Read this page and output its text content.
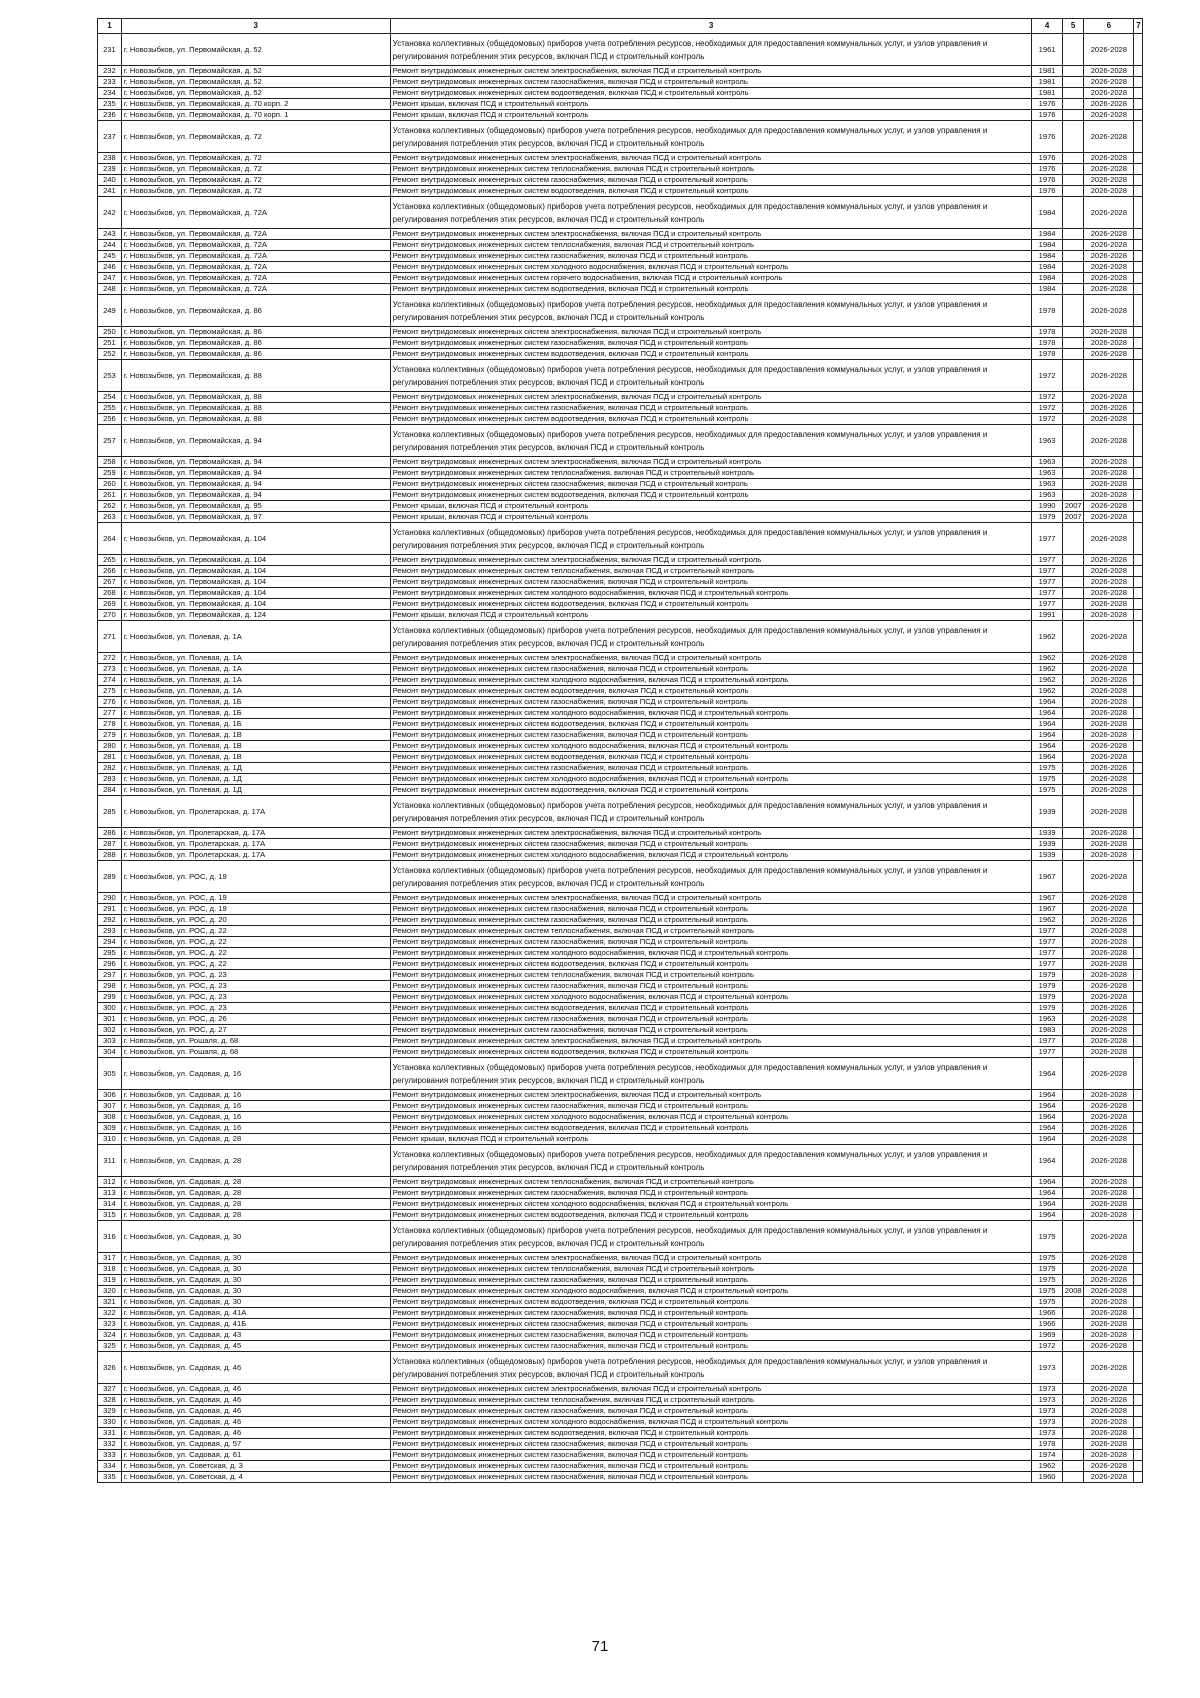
1	3	3	4	5	6	7
231	г. Новозыбков, ул. Первомайская, д. 52	Установка коллективных (общедомовых) приборов учета потребления ресурсов, необходимых для предоставления коммунальных услуг, и узлов управления и регулирования потребления этих ресурсов, включая ПСД и строительный контроль	1961		2026-2028	
232	г. Новозыбков, ул. Первомайская, д. 52	Ремонт внутридомовых инженерных систем электроснабжения, включая ПСД и строительный контроль	1981		2026-2028	
233	г. Новозыбков, ул. Первомайская, д. 52	Ремонт внутридомовых инженерных систем газоснабжения, включая ПСД и строительный контроль	1981		2026-2028	
234	г. Новозыбков, ул. Первомайская, д. 52	Ремонт внутридомовых инженерных систем водоотведения, включая ПСД и строительный контроль	1981		2026-2028	
235	г. Новозыбков, ул. Первомайская, д. 70 корп. 2	Ремонт крыши, включая ПСД и строительный контроль	1976		2026-2028	
236	г. Новозыбков, ул. Первомайская, д. 70 корп. 1	Ремонт крыши, включая ПСД и строительный контроль	1976		2026-2028	
237	г. Новозыбков, ул. Первомайская, д. 72	Установка коллективных (общедомовых) приборов учета потребления ресурсов, необходимых для предоставления коммунальных услуг, и узлов управления и регулирования потребления этих ресурсов, включая ПСД и строительный контроль	1976		2026-2028	
238	г. Новозыбков, ул. Первомайская, д. 72	Ремонт внутридомовых инженерных систем электроснабжения, включая ПСД и строительный контроль	1976		2026-2028	
239	г. Новозыбков, ул. Первомайская, д. 72	Ремонт внутридомовых инженерных систем теплоснабжения, включая ПСД и строительный контроль	1976		2026-2028	
240	г. Новозыбков, ул. Первомайская, д. 72	Ремонт внутридомовых инженерных систем газоснабжения, включая ПСД и строительный контроль	1976		2026-2028	
241	г. Новозыбков, ул. Первомайская, д. 72	Ремонт внутридомовых инженерных систем водоотведения, включая ПСД и строительный контроль	1976		2026-2028	
242	г. Новозыбков, ул. Первомайская, д. 72А	Установка коллективных (общедомовых) приборов учета потребления ресурсов, необходимых для предоставления коммунальных услуг, и узлов управления и регулирования потребления этих ресурсов, включая ПСД и строительный контроль	1984		2026-2028	
243	г. Новозыбков, ул. Первомайская, д. 72А	Ремонт внутридомовых инженерных систем электроснабжения, включая ПСД и строительный контроль	1984		2026-2028	
244	г. Новозыбков, ул. Первомайская, д. 72А	Ремонт внутридомовых инженерных систем теплоснабжения, включая ПСД и строительный контроль	1984		2026-2028	
245	г. Новозыбков, ул. Первомайская, д. 72А	Ремонт внутридомовых инженерных систем газоснабжения, включая ПСД и строительный контроль	1984		2026-2028	
246	г. Новозыбков, ул. Первомайская, д. 72А	Ремонт внутридомовых инженерных систем холодного водоснабжения, включая ПСД и строительный контроль	1984		2026-2028	
247	г. Новозыбков, ул. Первомайская, д. 72А	Ремонт внутридомовых инженерных систем горячего водоснабжения, включая ПСД и строительный контроль	1984		2026-2028	
248	г. Новозыбков, ул. Первомайская, д. 72А	Ремонт внутридомовых инженерных систем водоотведения, включая ПСД и строительный контроль	1984		2026-2028	
249	г. Новозыбков, ул. Первомайская, д. 86	Установка коллективных (общедомовых) приборов учета потребления ресурсов, необходимых для предоставления коммунальных услуг, и узлов управления и регулирования потребления этих ресурсов, включая ПСД и строительный контроль	1978		2026-2028	
250	г. Новозыбков, ул. Первомайская, д. 86	Ремонт внутридомовых инженерных систем электроснабжения, включая ПСД и строительный контроль	1978		2026-2028	
251	г. Новозыбков, ул. Первомайская, д. 86	Ремонт внутридомовых инженерных систем газоснабжения, включая ПСД и строительный контроль	1978		2026-2028	
252	г. Новозыбков, ул. Первомайская, д. 86	Ремонт внутридомовых инженерных систем водоотведения, включая ПСД и строительный контроль	1978		2026-2028	
253	г. Новозыбков, ул. Первомайская, д. 88	Установка коллективных (общедомовых) приборов учета потребления ресурсов, необходимых для предоставления коммунальных услуг, и узлов управления и регулирования потребления этих ресурсов, включая ПСД и строительный контроль	1972		2026-2028	
254	г. Новозыбков, ул. Первомайская, д. 88	Ремонт внутридомовых инженерных систем электроснабжения, включая ПСД и строительный контроль	1972		2026-2028	
255	г. Новозыбков, ул. Первомайская, д. 88	Ремонт внутридомовых инженерных систем газоснабжения, включая ПСД и строительный контроль	1972		2026-2028	
256	г. Новозыбков, ул. Первомайская, д. 88	Ремонт внутридомовых инженерных систем водоотведения, включая ПСД и строительный контроль	1972		2026-2028	
257	г. Новозыбков, ул. Первомайская, д. 94	Установка коллективных (общедомовых) приборов учета потребления ресурсов, необходимых для предоставления коммунальных услуг, и узлов управления и регулирования потребления этих ресурсов, включая ПСД и строительный контроль	1963		2026-2028	
258	г. Новозыбков, ул. Первомайская, д. 94	Ремонт внутридомовых инженерных систем электроснабжения, включая ПСД и строительный контроль	1963		2026-2028	
259	г. Новозыбков, ул. Первомайская, д. 94	Ремонт внутридомовых инженерных систем теплоснабжения, включая ПСД и строительный контроль	1963		2026-2028	
260	г. Новозыбков, ул. Первомайская, д. 94	Ремонт внутридомовых инженерных систем газоснабжения, включая ПСД и строительный контроль	1963		2026-2028	
261	г. Новозыбков, ул. Первомайская, д. 94	Ремонт внутридомовых инженерных систем водоотведения, включая ПСД и строительный контроль	1963		2026-2028	
262	г. Новозыбков, ул. Первомайская, д. 95	Ремонт крыши, включая ПСД и строительный контроль	1990	2007	2026-2028	
263	г. Новозыбков, ул. Первомайская, д. 97	Ремонт крыши, включая ПСД и строительный контроль	1979	2007	2026-2028	
264	г. Новозыбков, ул. Первомайская, д. 104	Установка коллективных (общедомовых) приборов учета потребления ресурсов, необходимых для предоставления коммунальных услуг, и узлов управления и регулирования потребления этих ресурсов, включая ПСД и строительный контроль	1977		2026-2028	
265	г. Новозыбков, ул. Первомайская, д. 104	Ремонт внутридомовых инженерных систем электроснабжения, включая ПСД и строительный контроль	1977		2026-2028	
266	г. Новозыбков, ул. Первомайская, д. 104	Ремонт внутридомовых инженерных систем теплоснабжения, включая ПСД и строительный контроль	1977		2026-2028	
267	г. Новозыбков, ул. Первомайская, д. 104	Ремонт внутридомовых инженерных систем газоснабжения, включая ПСД и строительный контроль	1977		2026-2028	
268	г. Новозыбков, ул. Первомайская, д. 104	Ремонт внутридомовых инженерных систем холодного водоснабжения, включая ПСД и строительный контроль	1977		2026-2028	
269	г. Новозыбков, ул. Первомайская, д. 104	Ремонт внутридомовых инженерных систем водоотведения, включая ПСД и строительный контроль	1977		2026-2028	
270	г. Новозыбков, ул. Первомайская, д. 124	Ремонт крыши, включая ПСД и строительный контроль	1991		2026-2028	
271	г. Новозыбков, ул. Полевая, д. 1А	Установка коллективных (общедомовых) приборов учета потребления ресурсов, необходимых для предоставления коммунальных услуг, и узлов управления и регулирования потребления этих ресурсов, включая ПСД и строительный контроль	1962		2026-2028	
272	г. Новозыбков, ул. Полевая, д. 1А	Ремонт внутридомовых инженерных систем электроснабжения, включая ПСД и строительный контроль	1962		2026-2028	
273	г. Новозыбков, ул. Полевая, д. 1А	Ремонт внутридомовых инженерных систем газоснабжения, включая ПСД и строительный контроль	1962		2026-2028	
274	г. Новозыбков, ул. Полевая, д. 1А	Ремонт внутридомовых инженерных систем холодного водоснабжения, включая ПСД и строительный контроль	1962		2026-2028	
275	г. Новозыбков, ул. Полевая, д. 1А	Ремонт внутридомовых инженерных систем водоотведения, включая ПСД и строительный контроль	1962		2026-2028	
276	г. Новозыбков, ул. Полевая, д. 1Б	Ремонт внутридомовых инженерных систем газоснабжения, включая ПСД и строительный контроль	1964		2026-2028	
277	г. Новозыбков, ул. Полевая, д. 1Б	Ремонт внутридомовых инженерных систем холодного водоснабжения, включая ПСД и строительный контроль	1964		2026-2028	
278	г. Новозыбков, ул. Полевая, д. 1Б	Ремонт внутридомовых инженерных систем водоотведения, включая ПСД и строительный контроль	1964		2026-2028	
279	г. Новозыбков, ул. Полевая, д. 1В	Ремонт внутридомовых инженерных систем газоснабжения, включая ПСД и строительный контроль	1964		2026-2028	
280	г. Новозыбков, ул. Полевая, д. 1В	Ремонт внутридомовых инженерных систем холодного водоснабжения, включая ПСД и строительный контроль	1964		2026-2028	
281	г. Новозыбков, ул. Полевая, д. 1В	Ремонт внутридомовых инженерных систем водоотведения, включая ПСД и строительный контроль	1964		2026-2028	
282	г. Новозыбков, ул. Полевая, д. 1Д	Ремонт внутридомовых инженерных систем газоснабжения, включая ПСД и строительный контроль	1975		2026-2028	
283	г. Новозыбков, ул. Полевая, д. 1Д	Ремонт внутридомовых инженерных систем холодного водоснабжения, включая ПСД и строительный контроль	1975		2026-2028	
284	г. Новозыбков, ул. Полевая, д. 1Д	Ремонт внутридомовых инженерных систем водоотведения, включая ПСД и строительный контроль	1975		2026-2028	
285	г. Новозыбков, ул. Пролетарская, д. 17А	Установка коллективных (общедомовых) приборов учета потребления ресурсов, необходимых для предоставления коммунальных услуг, и узлов управления и регулирования потребления этих ресурсов, включая ПСД и строительный контроль	1939		2026-2028	
286	г. Новозыбков, ул. Пролетарская, д. 17А	Ремонт внутридомовых инженерных систем электроснабжения, включая ПСД и строительный контроль	1939		2026-2028	
287	г. Новозыбков, ул. Пролетарская, д. 17А	Ремонт внутридомовых инженерных систем газоснабжения, включая ПСД и строительный контроль	1939		2026-2028	
288	г. Новозыбков, ул. Пролетарская, д. 17А	Ремонт внутридомовых инженерных систем холодного водоснабжения, включая ПСД и строительный контроль	1939		2026-2028	
289	г. Новозыбков, ул. РОС, д. 19	Установка коллективных (общедомовых) приборов учета потребления ресурсов, необходимых для предоставления коммунальных услуг, и узлов управления и регулирования потребления этих ресурсов, включая ПСД и строительный контроль	1967		2026-2028	
290	г. Новозыбков, ул. РОС, д. 19	Ремонт внутридомовых инженерных систем электроснабжения, включая ПСД и строительный контроль	1967		2026-2028	
291	г. Новозыбков, ул. РОС, д. 19	Ремонт внутридомовых инженерных систем газоснабжения, включая ПСД и строительный контроль	1967		2026-2028	
292	г. Новозыбков, ул. РОС, д. 20	Ремонт внутридомовых инженерных систем газоснабжения, включая ПСД и строительный контроль	1962		2026-2028	
293	г. Новозыбков, ул. РОС, д. 22	Ремонт внутридомовых инженерных систем теплоснабжения, включая ПСД и строительный контроль	1977		2026-2028	
294	г. Новозыбков, ул. РОС, д. 22	Ремонт внутридомовых инженерных систем газоснабжения, включая ПСД и строительный контроль	1977		2026-2028	
295	г. Новозыбков, ул. РОС, д. 22	Ремонт внутридомовых инженерных систем холодного водоснабжения, включая ПСД и строительный контроль	1977		2026-2028	
296	г. Новозыбков, ул. РОС, д. 22	Ремонт внутридомовых инженерных систем водоотведения, включая ПСД и строительный контроль	1977		2026-2028	
297	г. Новозыбков, ул. РОС, д. 23	Ремонт внутридомовых инженерных систем теплоснабжения, включая ПСД и строительный контроль	1979		2026-2028	
298	г. Новозыбков, ул. РОС, д. 23	Ремонт внутридомовых инженерных систем газоснабжения, включая ПСД и строительный контроль	1979		2026-2028	
299	г. Новозыбков, ул. РОС, д. 23	Ремонт внутридомовых инженерных систем холодного водоснабжения, включая ПСД и строительный контроль	1979		2026-2028	
300	г. Новозыбков, ул. РОС, д. 23	Ремонт внутридомовых инженерных систем водоотведения, включая ПСД и строительный контроль	1979		2026-2028	
301	г. Новозыбков, ул. РОС, д. 26	Ремонт внутридомовых инженерных систем газоснабжения, включая ПСД и строительный контроль	1963		2026-2028	
302	г. Новозыбков, ул. РОС, д. 27	Ремонт внутридомовых инженерных систем газоснабжения, включая ПСД и строительный контроль	1983		2026-2028	
303	г. Новозыбков, ул. Рошаля, д. 68	Ремонт внутридомовых инженерных систем электроснабжения, включая ПСД и строительный контроль	1977		2026-2028	
304	г. Новозыбков, ул. Рошаля, д. 68	Ремонт внутридомовых инженерных систем водоотведения, включая ПСД и строительный контроль	1977		2026-2028	
305	г. Новозыбков, ул. Садовая, д. 16	Установка коллективных (общедомовых) приборов учета потребления ресурсов, необходимых для предоставления коммунальных услуг, и узлов управления и регулирования потребления этих ресурсов, включая ПСД и строительный контроль	1964		2026-2028	
306	г. Новозыбков, ул. Садовая, д. 16	Ремонт внутридомовых инженерных систем электроснабжения, включая ПСД и строительный контроль	1964		2026-2028	
307	г. Новозыбков, ул. Садовая, д. 16	Ремонт внутридомовых инженерных систем газоснабжения, включая ПСД и строительный контроль	1964		2026-2028	
308	г. Новозыбков, ул. Садовая, д. 16	Ремонт внутридомовых инженерных систем холодного водоснабжения, включая ПСД и строительный контроль	1964		2026-2028	
309	г. Новозыбков, ул. Садовая, д. 16	Ремонт внутридомовых инженерных систем водоотведения, включая ПСД и строительный контроль	1964		2026-2028	
310	г. Новозыбков, ул. Садовая, д. 28	Ремонт крыши, включая ПСД и строительный контроль	1964		2026-2028	
311	г. Новозыбков, ул. Садовая, д. 28	Установка коллективных (общедомовых) приборов учета потребления ресурсов, необходимых для предоставления коммунальных услуг, и узлов управления и регулирования потребления этих ресурсов, включая ПСД и строительный контроль	1964		2026-2028	
312	г. Новозыбков, ул. Садовая, д. 28	Ремонт внутридомовых инженерных систем теплоснабжения, включая ПСД и строительный контроль	1964		2026-2028	
313	г. Новозыбков, ул. Садовая, д. 28	Ремонт внутридомовых инженерных систем газоснабжения, включая ПСД и строительный контроль	1964		2026-2028	
314	г. Новозыбков, ул. Садовая, д. 28	Ремонт внутридомовых инженерных систем холодного водоснабжения, включая ПСД и строительный контроль	1964		2026-2028	
315	г. Новозыбков, ул. Садовая, д. 28	Ремонт внутридомовых инженерных систем водоотведения, включая ПСД и строительный контроль	1964		2026-2028	
316	г. Новозыбков, ул. Садовая, д. 30	Установка коллективных (общедомовых) приборов учета потребления ресурсов, необходимых для предоставления коммунальных услуг, и узлов управления и регулирования потребления этих ресурсов, включая ПСД и строительный контроль	1975		2026-2028	
317	г. Новозыбков, ул. Садовая, д. 30	Ремонт внутридомовых инженерных систем электроснабжения, включая ПСД и строительный контроль	1975		2026-2028	
318	г. Новозыбков, ул. Садовая, д. 30	Ремонт внутридомовых инженерных систем теплоснабжения, включая ПСД и строительный контроль	1975		2026-2028	
319	г. Новозыбков, ул. Садовая, д. 30	Ремонт внутридомовых инженерных систем газоснабжения, включая ПСД и строительный контроль	1975		2026-2028	
320	г. Новозыбков, ул. Садовая, д. 30	Ремонт внутридомовых инженерных систем холодного водоснабжения, включая ПСД и строительный контроль	1975	2008	2026-2028	
321	г. Новозыбков, ул. Садовая, д. 30	Ремонт внутридомовых инженерных систем водоотведения, включая ПСД и строительный контроль	1975		2026-2028	
322	г. Новозыбков, ул. Садовая, д. 41А	Ремонт внутридомовых инженерных систем газоснабжения, включая ПСД и строительный контроль	1966		2026-2028	
323	г. Новозыбков, ул. Садовая, д. 41Б	Ремонт внутридомовых инженерных систем газоснабжения, включая ПСД и строительный контроль	1966		2026-2028	
324	г. Новозыбков, ул. Садовая, д. 43	Ремонт внутридомовых инженерных систем газоснабжения, включая ПСД и строительный контроль	1969		2026-2028	
325	г. Новозыбков, ул. Садовая, д. 45	Ремонт внутридомовых инженерных систем газоснабжения, включая ПСД и строительный контроль	1972		2026-2028	
326	г. Новозыбков, ул. Садовая, д. 46	Установка коллективных (общедомовых) приборов учета потребления ресурсов, необходимых для предоставления коммунальных услуг, и узлов управления и регулирования потребления этих ресурсов, включая ПСД и строительный контроль	1973		2026-2028	
327	г. Новозыбков, ул. Садовая, д. 46	Ремонт внутридомовых инженерных систем электроснабжения, включая ПСД и строительный контроль	1973		2026-2028	
328	г. Новозыбков, ул. Садовая, д. 46	Ремонт внутридомовых инженерных систем теплоснабжения, включая ПСД и строительный контроль	1973		2026-2028	
329	г. Новозыбков, ул. Садовая, д. 46	Ремонт внутридомовых инженерных систем газоснабжения, включая ПСД и строительный контроль	1973		2026-2028	
330	г. Новозыбков, ул. Садовая, д. 46	Ремонт внутридомовых инженерных систем холодного водоснабжения, включая ПСД и строительный контроль	1973		2026-2028	
331	г. Новозыбков, ул. Садовая, д. 46	Ремонт внутридомовых инженерных систем водоотведения, включая ПСД и строительный контроль	1973		2026-2028	
332	г. Новозыбков, ул. Садовая, д. 57	Ремонт внутридомовых инженерных систем газоснабжения, включая ПСД и строительный контроль	1978		2026-2028	
333	г. Новозыбков, ул. Садовая, д. 61	Ремонт внутридомовых инженерных систем газоснабжения, включая ПСД и строительный контроль	1974		2026-2028	
334	г. Новозыбков, ул. Советская, д. 3	Ремонт внутридомовых инженерных систем газоснабжения, включая ПСД и строительный контроль	1962		2026-2028	
335	г. Новозыбков, ул. Советская, д. 4	Ремонт внутридомовых инженерных систем газоснабжения, включая ПСД и строительный контроль	1960		2026-2028	
71
